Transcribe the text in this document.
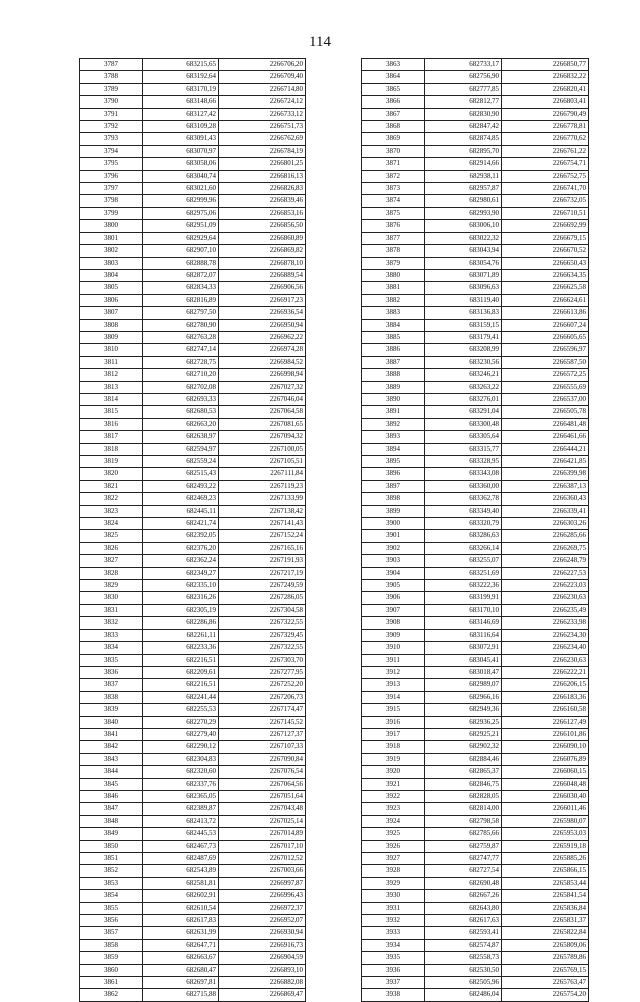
114
3787	683215,65	2266706,20
3788	683192,64	2266709,40
3789	683170,19	2266714,80
3790	683148,66	2266724,12
3791	683127,42	2266733,12
3792	683109,28	2266751,73
3793	683091,43	2266762,69
3794	683070,97	2266784,19
3795	683058,06	2266801,25
3796	683040,74	2266816,13
3797	683021,60	2266826,83
3798	682999,96	2266839,46
3799	682975,06	2266853,16
3800	682951,09	2266856,50
3801	682929,64	2266860,89
3802	682907,10	2266869,82
3803	682888,78	2266878,10
3804	682872,07	2266889,54
3805	682834,33	2266906,56
3806	682816,89	2266917,23
3807	682797,50	2266936,54
3808	682780,90	2266950,94
3809	682763,28	2266962,22
3810	682747,14	2266974,28
3811	682728,75	2266984,52
3812	682710,20	2266998,94
3813	682702,08	2267027,32
3814	682693,33	2267046,04
3815	682680,53	2267064,58
3816	682663,20	2267081,65
3817	682638,97	2267094,32
3818	682594,97	2267100,05
3819	682559,24	2267105,51
3820	682515,43	2267111,84
3821	682493,22	2267119,23
3822	682469,23	2267133,99
3823	682445,11	2267138,42
3824	682421,74	2267141,43
3825	682392,05	2267152,24
3826	682376,20	2267165,16
3827	682362,24	2267191,93
3828	682349,27	2267217,19
3829	682335,10	2267249,59
3830	682316,26	2267286,05
3831	682305,19	2267304,58
3832	682286,86	2267322,55
3833	682261,11	2267329,45
3834	682233,36	2267322,55
3835	682216,51	2267303,70
3836	682209,61	2267277,95
3837	682216,51	2267252,20
3838	682241,44	2267206,73
3839	682255,53	2267174,47
3840	682270,29	2267145,52
3841	682279,40	2267127,37
3842	682290,12	2267107,33
3843	682304,83	2267090,84
3844	682320,60	2267076,54
3845	682337,76	2267064,56
3846	682365,05	2267051,64
3847	682389,87	2267043,48
3848	682413,72	2267025,14
3849	682445,53	2267014,89
3850	682467,73	2267017,10
3851	682487,69	2267012,52
3852	682543,89	2267003,66
3853	682581,81	2266997,87
3854	682602,91	2266996,43
3855	682610,54	2266972,37
3856	682617,83	2266952,07
3857	682631,99	2266930,94
3858	682647,71	2266916,73
3859	682663,67	2266904,59
3860	682680,47	2266893,10
3861	682697,81	2266882,08
3862	682715,88	2266869,47
3863	682733,17	2266850,77
3864	682756,90	2266832,22
3865	682777,85	2266820,41
3866	682812,77	2266803,41
3867	682830,90	2266790,49
3868	682847,42	2266778,81
3869	682874,85	2266770,62
3870	682895,70	2266761,22
3871	682914,66	2266754,71
3872	682938,11	2266752,75
3873	682957,87	2266741,70
3874	682980,61	2266732,05
3875	682993,90	2266710,51
3876	683006,10	2266692,99
3877	683022,32	2266679,15
3878	683043,94	2266670,52
3879	683054,76	2266650,43
3880	683071,89	2266634,35
3881	683096,63	2266625,58
3882	683119,40	2266624,61
3883	683136,83	2266613,86
3884	683159,15	2266607,24
3885	683179,41	2266605,65
3886	683208,99	2266596,97
3887	683230,56	2266587,50
3888	683246,21	2266572,25
3889	683263,22	2266555,69
3890	683276,01	2266537,00
3891	683291,04	2266505,78
3892	683300,48	2266481,48
3893	683305,64	2266461,66
3894	683315,77	2266444,21
3895	683328,95	2266421,85
3896	683343,08	2266399,98
3897	683360,00	2266387,13
3898	683362,78	2266360,43
3899	683349,40	2266339,41
3900	683320,79	2266303,26
3901	683286,63	2266285,66
3902	683266,14	2266269,75
3903	683255,07	2266248,79
3904	683251,69	2266227,53
3905	683222,36	2266223,03
3906	683199,91	2266230,63
3907	683170,10	2266235,49
3908	683146,69	2266233,98
3909	683116,64	2266234,30
3910	683072,91	2266234,40
3911	683045,41	2266230,63
3912	683018,47	2266222,21
3913	682989,07	2266206,15
3914	682966,16	2266183,36
3915	682949,36	2266160,58
3916	682936,25	2266127,49
3917	682925,21	2266101,86
3918	682902,32	2266090,10
3919	682884,46	2266076,89
3920	682865,37	2266060,15
3921	682846,75	2266048,48
3922	682828,05	2266030,40
3923	682814,00	2266011,46
3924	682798,58	2265980,07
3925	682785,66	2265953,03
3926	682759,87	2265919,18
3927	682747,77	2265885,26
3928	682727,54	2265866,15
3929	682690,48	2265853,44
3930	682667,26	2265841,54
3931	682643,80	2265836,84
3932	682617,63	2265831,37
3933	682593,41	2265822,84
3934	682574,87	2265809,06
3935	682558,73	2265789,86
3936	682530,50	2265769,15
3937	682505,96	2265763,47
3938	682486,04	2265754,20
